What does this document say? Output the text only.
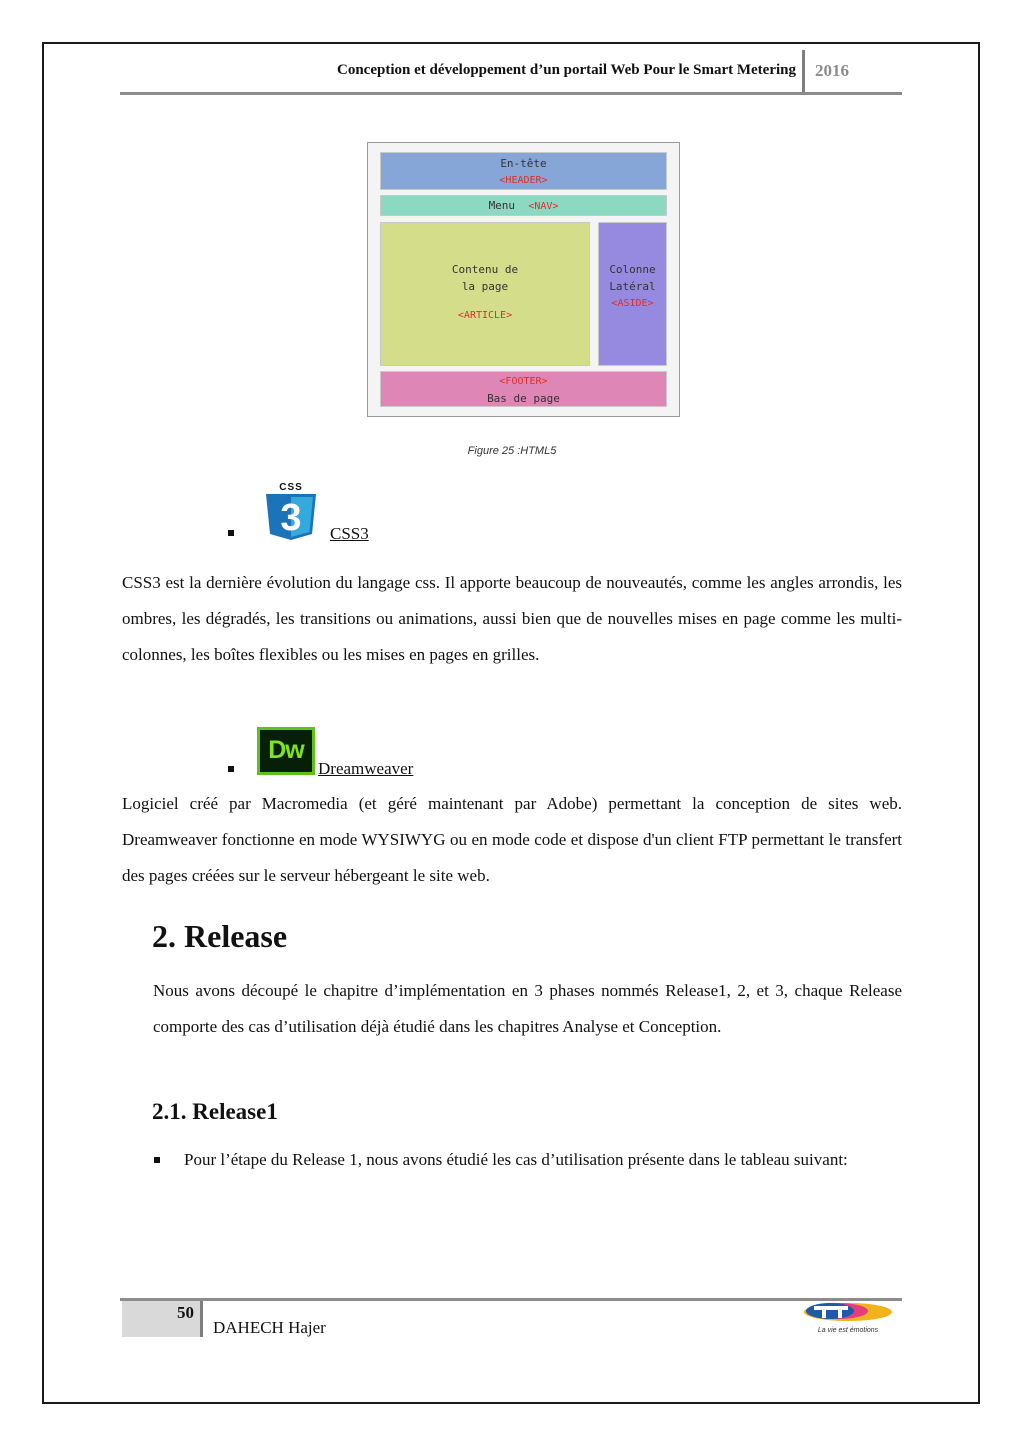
Conception et développement d’un portail Web Pour le Smart Metering 2016
En-tête
<HEADER>
Menu <NAV>
Contenu de
la page
<ARTICLE>
Colonne
Latéral
<ASIDE>
<FOOTER>
Bas de page
Figure 25 :HTML5
3
CSS
CSS3

CSS3 est la dernière évolution du langage css. Il apporte beaucoup de nouveautés, comme les angles arrondis, les ombres, les dégradés, les transitions ou animations, aussi bien que de nouvelles mises en page comme les multi-colonnes, les boîtes flexibles ou les mises en pages en grilles.

Dw
Dreamweaver

Logiciel créé par Macromedia (et géré maintenant par Adobe) permettant la conception de sites web. Dreamweaver fonctionne en mode WYSIWYG ou en mode code et dispose d'un client FTP permettant le transfert des pages créées sur le serveur hébergeant le site web.

2. Release

Nous avons découpé le chapitre d’implémentation en 3 phases nommés Release1, 2, et 3, chaque Release comporte des cas d’utilisation déjà étudié dans les chapitres Analyse et Conception.

2.1. Release1

Pour l’étape du Release 1, nous avons étudié les cas d’utilisation présente dans le tableau suivant:

50
DAHECH Hajer	La vie est émotions
